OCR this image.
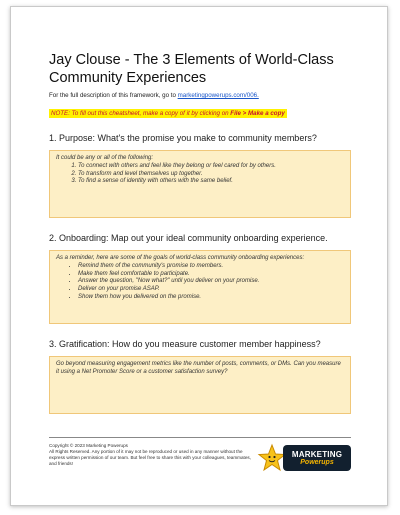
Jay Clouse - The 3 Elements of World-Class Community Experiences
For the full description of this framework, go to marketingpowerups.com/006.
NOTE: To fill out this cheatsheet, make a copy of it by clicking on File > Make a copy
1. Purpose: What's the promise you make to community members?
It could be any or all of the following:
1. To connect with others and feel like they belong or feel cared for by others.
2. To transform and level themselves up together.
3. To find a sense of identity with others with the same belief.
2. Onboarding: Map out your ideal community onboarding experience.
As a reminder, here are some of the goals of world-class community onboarding experiences:
• Remind them of the community's promise to members.
• Make them feel comfortable to participate.
• Answer the question, "Now what?" until you deliver on your promise.
• Deliver on your promise ASAP.
• Show them how you delivered on the promise.
3. Gratification: How do you measure customer member happiness?
Go beyond measuring engagement metrics like the number of posts, comments, or DMs. Can you measure it using a Net Promoter Score or a customer satisfaction survey?
Copyright © 2023 Marketing Powerups
All Rights Reserved. Any portion of it may not be reproduced or used in any manner without the express written permission of our team. But feel free to share this with your colleagues, teammates, and friends!
MARKETING
Powerups
